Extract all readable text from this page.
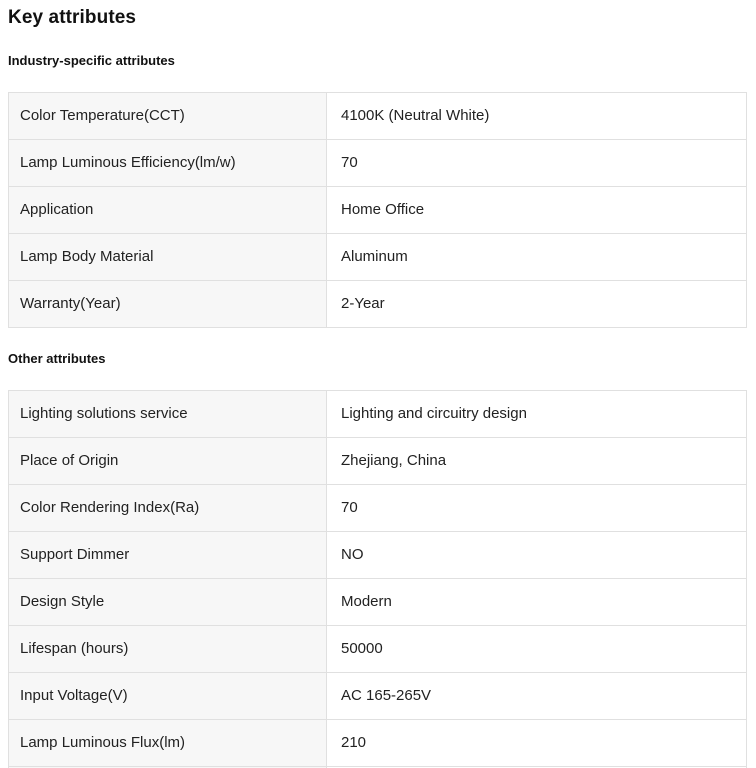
Key attributes
Industry-specific attributes
Color Temperature(CCT)	4100K (Neutral White)
Lamp Luminous Efficiency(lm/w)	70
Application	Home Office
Lamp Body Material	Aluminum
Warranty(Year)	2-Year
Other attributes
Lighting solutions service	Lighting and circuitry design
Place of Origin	Zhejiang, China
Color Rendering Index(Ra)	70
Support Dimmer	NO
Design Style	Modern
Lifespan (hours)	50000
Input Voltage(V)	AC 165-265V
Lamp Luminous Flux(lm)	210
